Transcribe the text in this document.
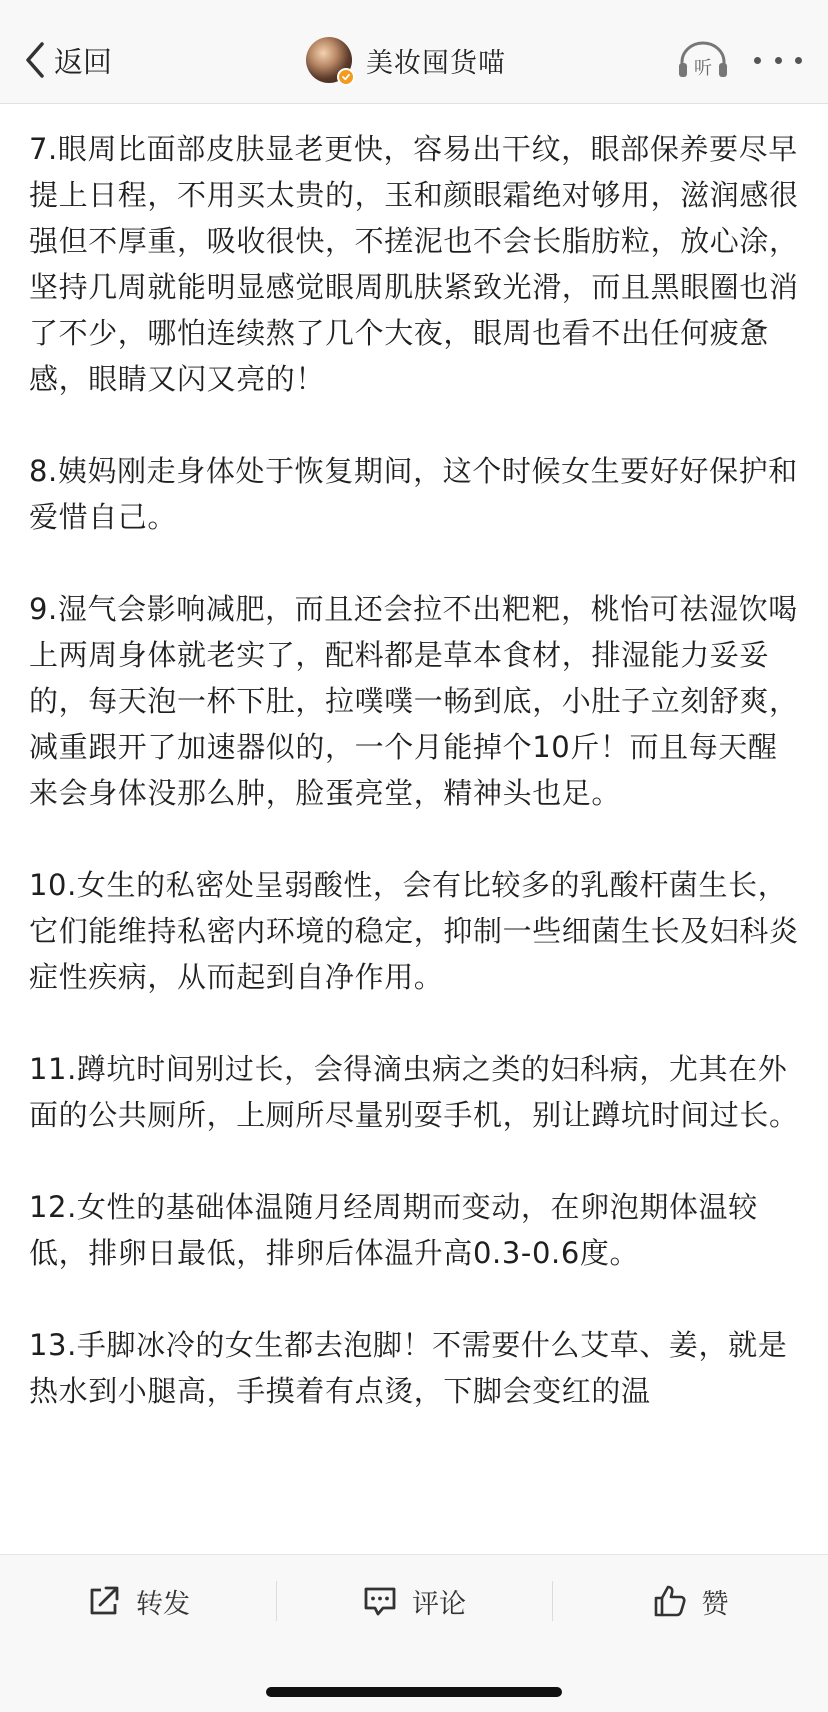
返回	美妆囤货喵	听

7.眼周比面部皮肤显老更快，容易出干纹，眼部保养要尽早提上日程，不用买太贵的，玉和颜眼霜绝对够用，滋润感很强但不厚重，吸收很快，不搓泥也不会长脂肪粒，放心涂，坚持几周就能明显感觉眼周肌肤紧致光滑，而且黑眼圈也消了不少，哪怕连续熬了几个大夜，眼周也看不出任何疲惫感，眼睛又闪又亮的！

8.姨妈刚走身体处于恢复期间，这个时候女生要好好保护和爱惜自己。

9.湿气会影响减肥，而且还会拉不出粑粑，桃怡可祛湿饮喝上两周身体就老实了，配料都是草本食材，排湿能力妥妥的，每天泡一杯下肚，拉噗噗一畅到底，小肚子立刻舒爽，减重跟开了加速器似的，一个月能掉个10斤！而且每天醒来会身体没那么肿，脸蛋亮堂，精神头也足。

10.女生的私密处呈弱酸性，会有比较多的乳酸杆菌生长，它们能维持私密内环境的稳定，抑制一些细菌生长及妇科炎症性疾病，从而起到自净作用。

11.蹲坑时间别过长，会得滴虫病之类的妇科病，尤其在外面的公共厕所，上厕所尽量别耍手机，别让蹲坑时间过长。

12.女性的基础体温随月经周期而变动，在卵泡期体温较低，排卵日最低，排卵后体温升高0.3-0.6度。

13.手脚冰冷的女生都去泡脚！不需要什么艾草、姜，就是热水到小腿高，手摸着有点烫，下脚会变红的温

转发	评论	赞
